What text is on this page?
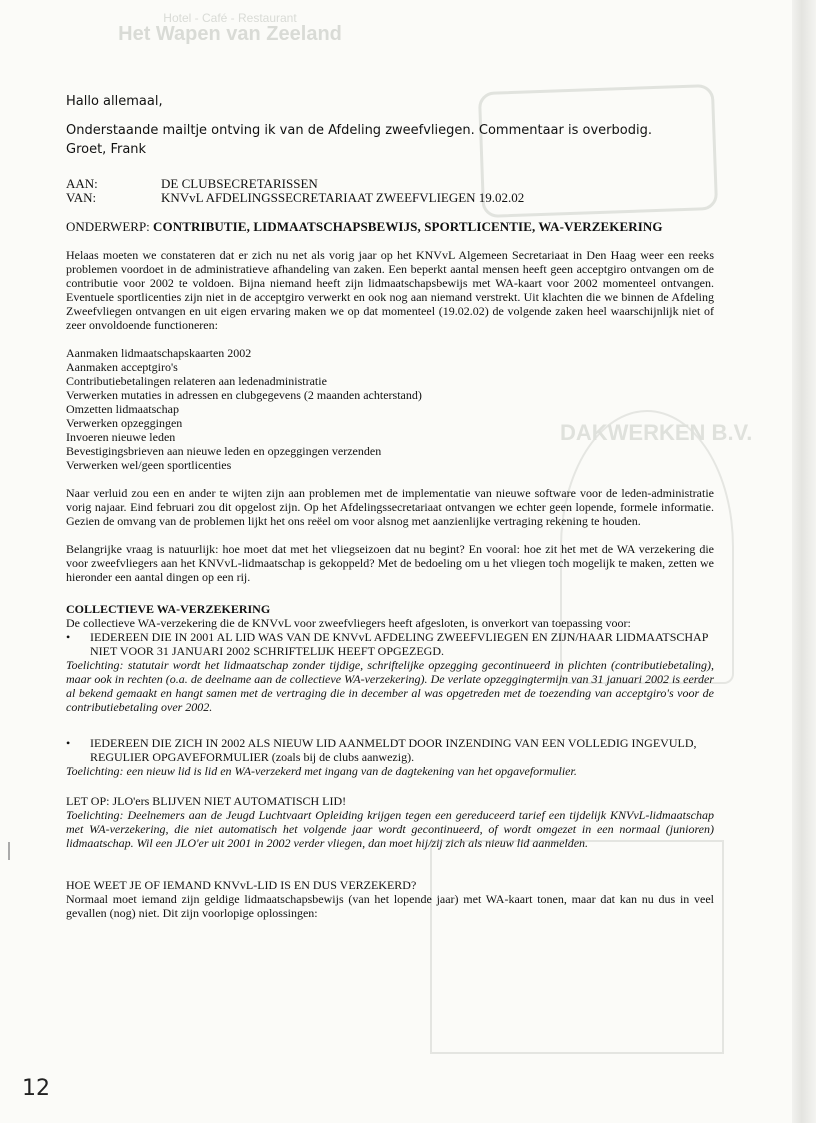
Hotel - Café - Restaurant
Het Wapen van Zeeland
DAKWERKEN B.V.

Hallo allemaal,

Onderstaande mailtje ontving ik van de Afdeling zweefvliegen. Commentaar is overbodig.

Groet, Frank

AAN:	DE CLUBSECRETARISSEN
VAN:	KNVvL AFDELINGSSECRETARIAAT ZWEEFVLIEGEN 19.02.02
ONDERWERP: CONTRIBUTIE, LIDMAATSCHAPSBEWIJS, SPORTLICENTIE, WA-VERZEKERING
Helaas moeten we constateren dat er zich nu net als vorig jaar op het KNVvL Algemeen Secretariaat in Den Haag weer een reeks problemen voordoet in de administratieve afhandeling van zaken. Een beperkt aantal mensen heeft geen acceptgiro ontvangen om de contributie voor 2002 te voldoen. Bijna niemand heeft zijn lidmaatschapsbewijs met WA-kaart voor 2002 momenteel ontvangen. Eventuele sportlicenties zijn niet in de acceptgiro verwerkt en ook nog aan niemand verstrekt. Uit klachten die we binnen de Afdeling Zweefvliegen ontvangen en uit eigen ervaring maken we op dat momenteel (19.02.02) de volgende zaken heel waarschijnlijk niet of zeer onvoldoende functioneren:
Aanmaken lidmaatschapskaarten 2002
Aanmaken acceptgiro's
Contributiebetalingen relateren aan ledenadministratie
Verwerken mutaties in adressen en clubgegevens (2 maanden achterstand)
Omzetten lidmaatschap
Verwerken opzeggingen
Invoeren nieuwe leden
Bevestigingsbrieven aan nieuwe leden en opzeggingen verzenden
Verwerken wel/geen sportlicenties
Naar verluid zou een en ander te wijten zijn aan problemen met de implementatie van nieuwe software voor de leden-administratie vorig najaar. Eind februari zou dit opgelost zijn. Op het Afdelingssecretariaat ontvangen we echter geen lopende, formele informatie. Gezien de omvang van de problemen lijkt het ons reëel om voor alsnog met aanzienlijke vertraging rekening te houden.
Belangrijke vraag is natuurlijk: hoe moet dat met het vliegseizoen dat nu begint? En vooral: hoe zit het met de WA verzekering die voor zweefvliegers aan het KNVvL-lidmaatschap is gekoppeld? Met de bedoeling om u het vliegen toch mogelijk te maken, zetten we hieronder een aantal dingen op een rij.
COLLECTIEVE WA-VERZEKERING
De collectieve WA-verzekering die de KNVvL voor zweefvliegers heeft afgesloten, is onverkort van toepassing voor:
•	IEDEREEN DIE IN 2001 AL LID WAS VAN DE KNVvL AFDELING ZWEEFVLIEGEN EN ZIJN/HAAR LIDMAATSCHAP NIET VOOR 31 JANUARI 2002 SCHRIFTELIJK HEEFT OPGEZEGD.
Toelichting: statutair wordt het lidmaatschap zonder tijdige, schriftelijke opzegging gecontinueerd in plichten (contributiebetaling), maar ook in rechten (o.a. de deelname aan de collectieve WA-verzekering). De verlate opzeggingtermijn van 31 januari 2002 is eerder al bekend gemaakt en hangt samen met de vertraging die in december al was opgetreden met de toezending van acceptgiro's voor de contributiebetaling over 2002.
•	IEDEREEN DIE ZICH IN 2002 ALS NIEUW LID AANMELDT DOOR INZENDING VAN EEN VOLLEDIG INGEVULD, REGULIER OPGAVEFORMULIER (zoals bij de clubs aanwezig).
Toelichting: een nieuw lid is lid en WA-verzekerd met ingang van de dagtekening van het opgaveformulier.
LET OP: JLO'ers BLIJVEN NIET AUTOMATISCH LID!
Toelichting: Deelnemers aan de Jeugd Luchtvaart Opleiding krijgen tegen een gereduceerd tarief een tijdelijk KNVvL-lidmaatschap met WA-verzekering, die niet automatisch het volgende jaar wordt gecontinueerd, of wordt omgezet in een normaal (junioren) lidmaatschap. Wil een JLO'er uit 2001 in 2002 verder vliegen, dan moet hij/zij zich als nieuw lid aanmelden.
HOE WEET JE OF IEMAND KNVvL-LID IS EN DUS VERZEKERD?
Normaal moet iemand zijn geldige lidmaatschapsbewijs (van het lopende jaar) met WA-kaart tonen, maar dat kan nu dus in veel gevallen (nog) niet. Dit zijn voorlopige oplossingen:
12
